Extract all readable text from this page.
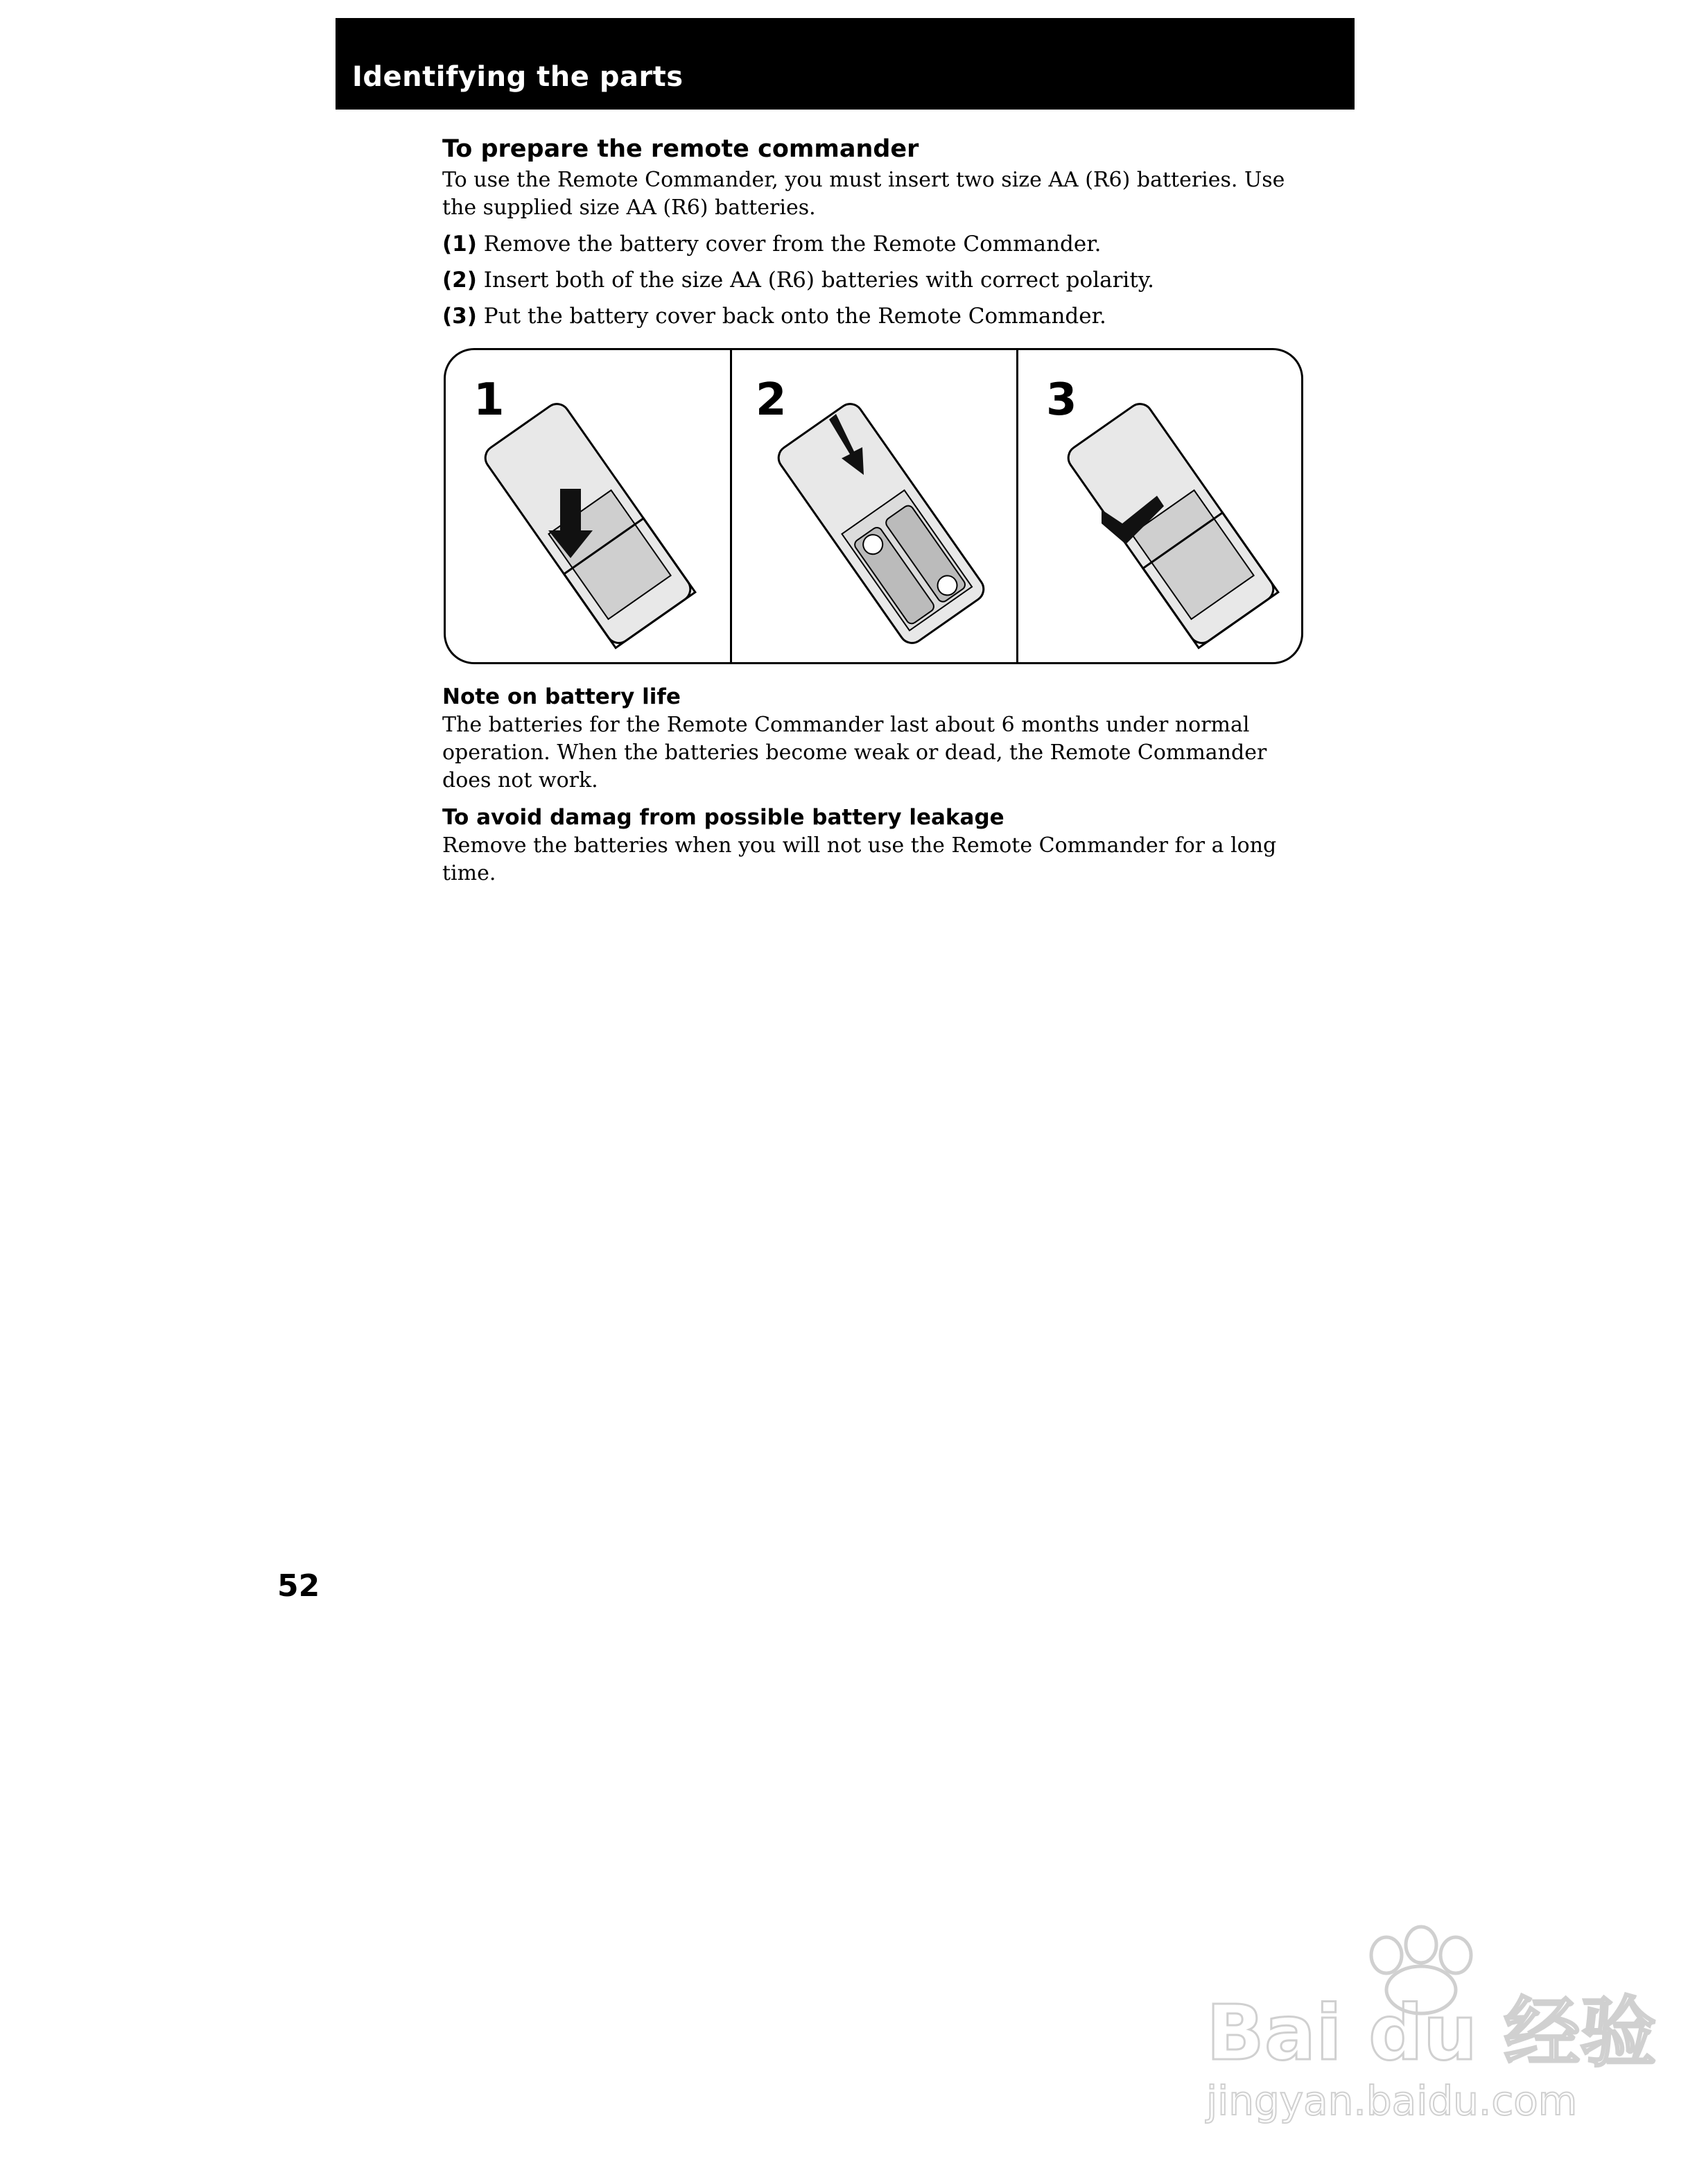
Identifying the parts
To prepare the remote commander

To use the Remote Commander, you must insert two size AA (R6) batteries. Use the supplied size AA (R6) batteries.

(1) Remove the battery cover from the Remote Commander.
(2) Insert both of the size AA (R6) batteries with correct polarity.
(3) Put the battery cover back onto the Remote Commander.
1	2	3
Note on battery life

The batteries for the Remote Commander last about 6 months under normal operation. When the batteries become weak or dead, the Remote Commander does not work.

To avoid damag from possible battery leakage

Remove the batteries when you will not use the Remote Commander for a long time.

52
Bai du 经验
jingyan.baidu.com
